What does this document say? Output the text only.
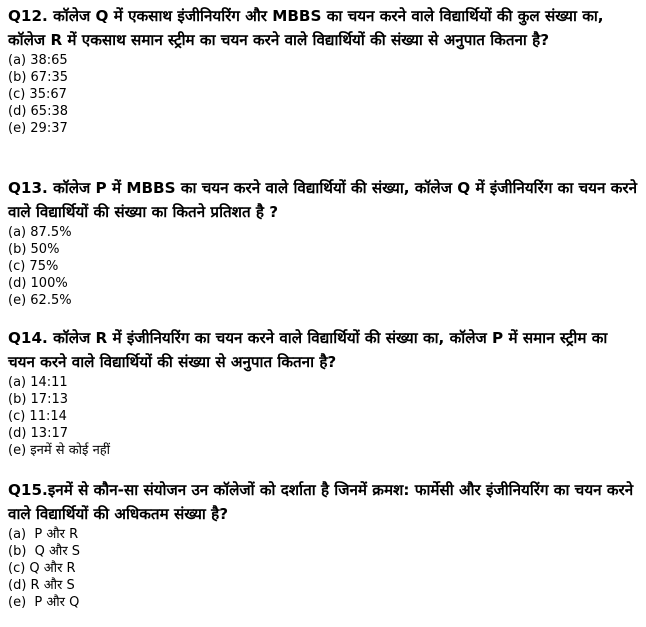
Q12. कॉलेज Q में एकसाथ इंजीनियरिंग और MBBS का चयन करने वाले विद्यार्थियों की कुल संख्या का, कॉलेज R में एकसाथ समान स्ट्रीम का चयन करने वाले विद्यार्थियों की संख्या से अनुपात कितना है?

(a) 38:65
(b) 67:35
(c) 35:67
(d) 65:38
(e) 29:37

Q13. कॉलेज P में MBBS का चयन करने वाले विद्यार्थियों की संख्या, कॉलेज Q में इंजीनियरिंग का चयन करने वाले विद्यार्थियों की संख्या का कितने प्रतिशत है ?

(a) 87.5%
(b) 50%
(c) 75%
(d) 100%
(e) 62.5%

Q14. कॉलेज R में इंजीनियरिंग का चयन करने वाले विद्यार्थियों की संख्या का, कॉलेज P में समान स्ट्रीम का चयन करने वाले विद्यार्थियों की संख्या से अनुपात कितना है?

(a) 14:11
(b) 17:13
(c) 11:14
(d) 13:17
(e) इनमें से कोई नहीं

Q15.इनमें से कौन-सा संयोजन उन कॉलेजों को दर्शाता है जिनमें क्रमश: फार्मेसी और इंजीनियरिंग का चयन करने वाले विद्यार्थियों की अधिकतम संख्या है?

(a)  P और R
(b)  Q और S
(c) Q और R
(d) R और S
(e)  P और Q
